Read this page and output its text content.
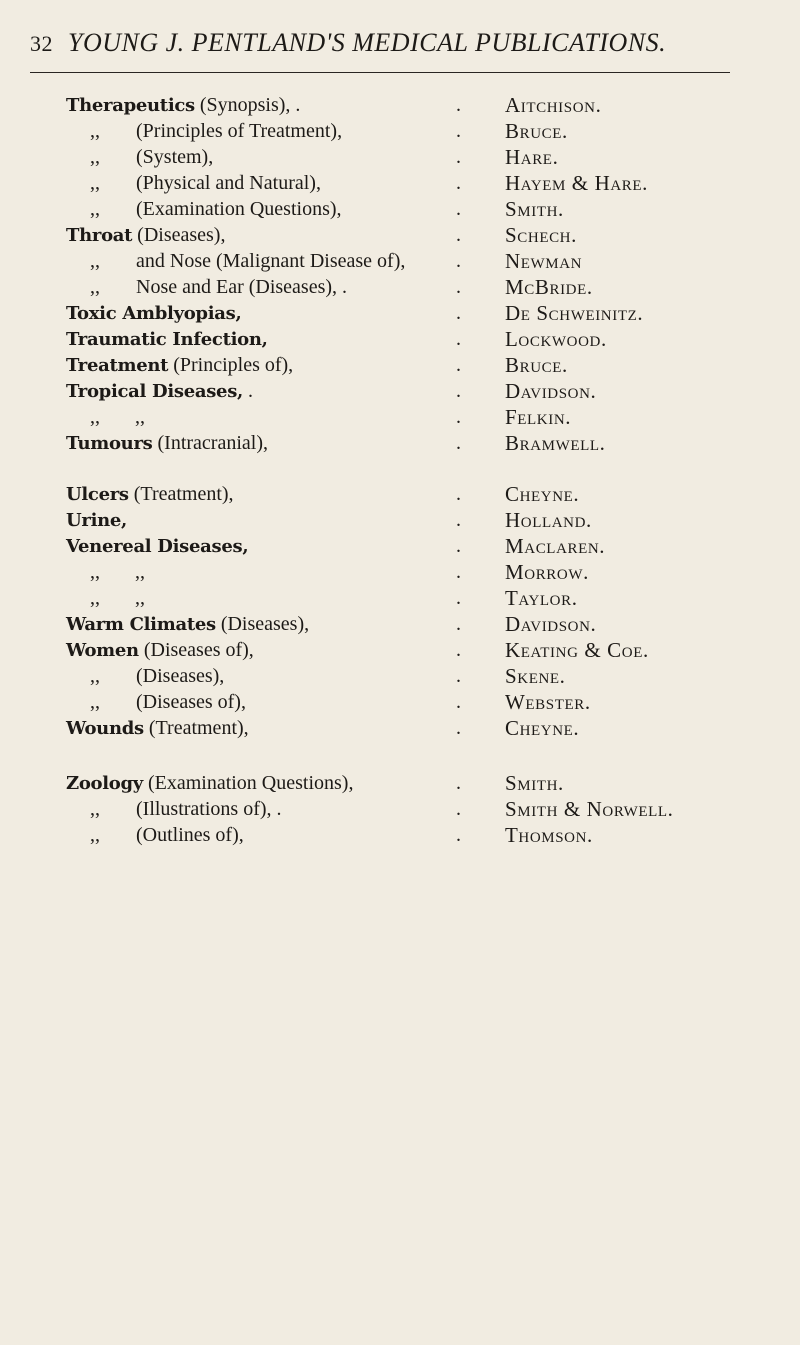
32 YOUNG J. PENTLAND'S MEDICAL PUBLICATIONS.
Therapeutics (Synopsis), .	. Aitchison.
,, (Principles of Treatment),	. Bruce.
,, (System),	. Hare.
,, (Physical and Natural),	. Hayem & Hare.
,, (Examination Questions),	. Smith.
Throat (Diseases),	. Schech.
,, and Nose (Malignant Disease of),	. Newman
,, Nose and Ear (Diseases), .	. McBride.
Toxic Amblyopias,	. De Schweinitz.
Traumatic Infection,	. Lockwood.
Treatment (Principles of),	. Bruce.
Tropical Diseases, .	. Davidson.
,,       ,,	. Felkin.
Tumours (Intracranial),	. Bramwell.
Ulcers (Treatment),	. Cheyne.
Urine,	. Holland.
Venereal Diseases,	. Maclaren.
,,       ,,	. Morrow.
,,       ,,	. Taylor.
Warm Climates (Diseases),	. Davidson.
Women (Diseases of),	. Keating & Coe.
,, (Diseases),	. Skene.
,, (Diseases of),	. Webster.
Wounds (Treatment),	. Cheyne.
Zoology (Examination Questions),	. Smith.
,, (Illustrations of), .	. Smith & Norwell.
,, (Outlines of),	. Thomson.
